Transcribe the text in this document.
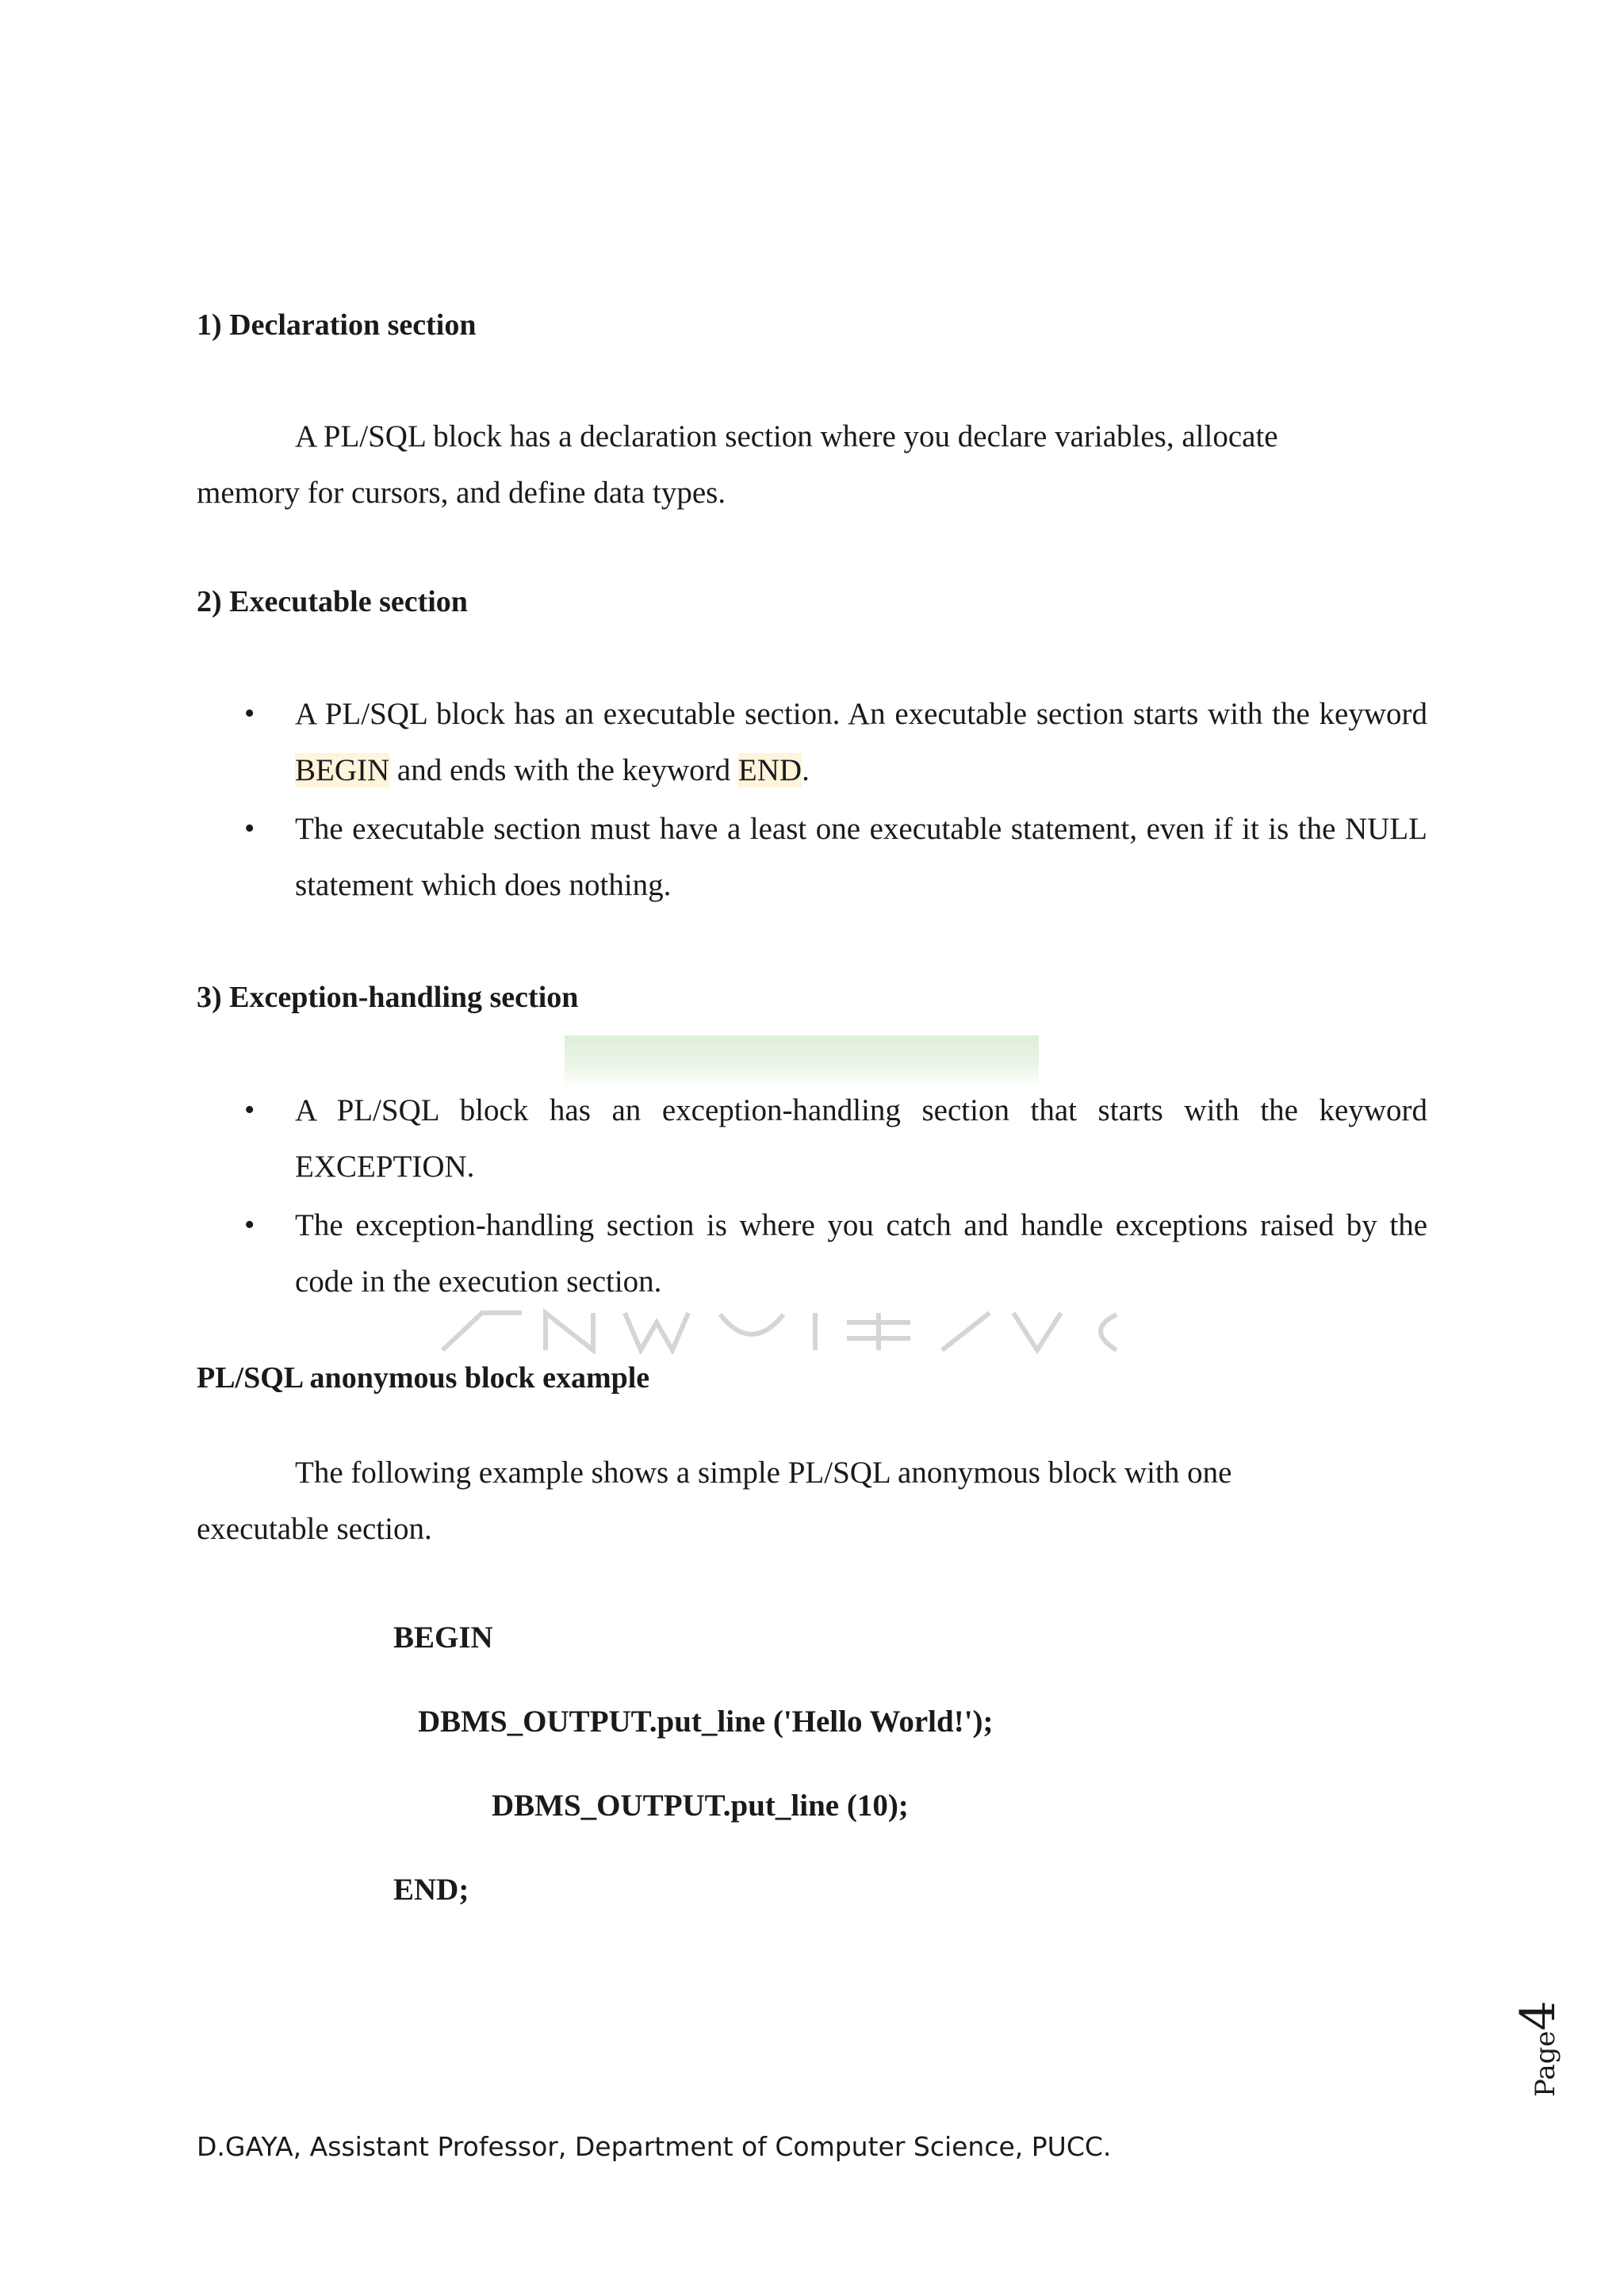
1) Declaration section
A PL/SQL block has a declaration section where you declare variables, allocate
memory for cursors, and define data types.
2) Executable section
• A PL/SQL block has an executable section. An executable section starts with the keyword BEGIN and ends with the keyword END.
• The executable section must have a least one executable statement, even if it is the NULL statement which does nothing.
3) Exception-handling section
• A PL/SQL block has an exception-handling section that starts with the keyword EXCEPTION.
• The exception-handling section is where you catch and handle exceptions raised by the code in the execution section.
PL/SQL anonymous block example
The following example shows a simple PL/SQL anonymous block with one
executable section.
BEGIN
DBMS_OUTPUT.put_line ('Hello World!');
DBMS_OUTPUT.put_line (10);
END;
Page4
D.GAYA, Assistant Professor, Department of Computer Science, PUCC.
